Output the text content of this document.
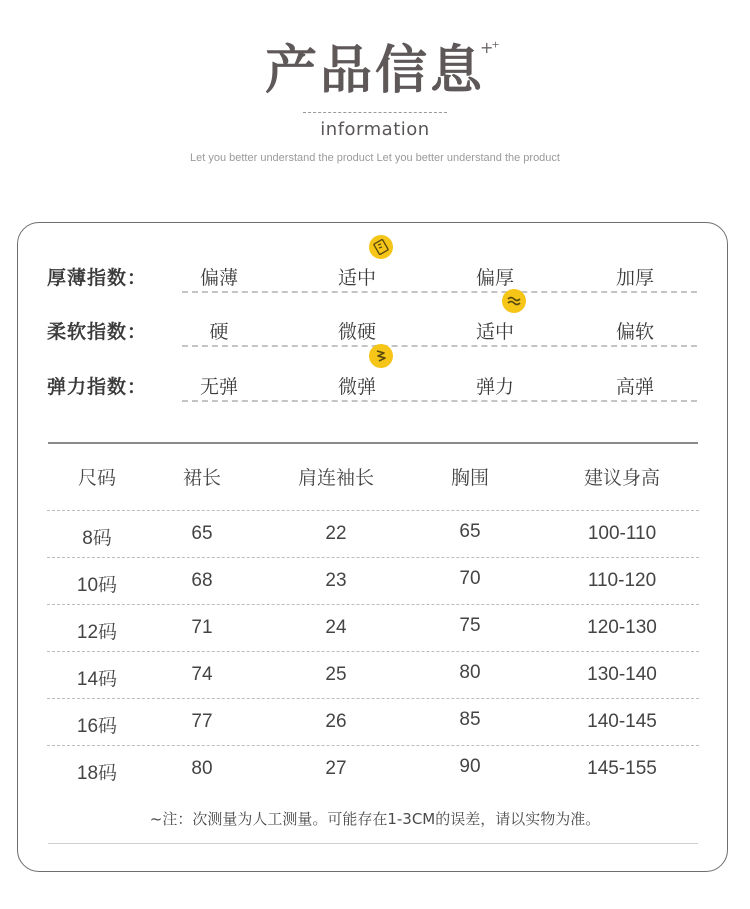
产品信息
+⁺
information
Let you better understand the product Let you better understand the product
厚薄指数：	偏薄	适中	偏厚	加厚
柔软指数：	硬	微硬	适中	偏软
弹力指数：	无弹	微弹	弹力	高弹
尺码	裙长	肩连袖长	胸围	建议身高
8码	65	22	65	100-110
10码	68	23	70	110-120
12码	71	24	75	120-130
14码	74	25	80	130-140
16码	77	26	85	140-145
18码	80	27	90	145-155
~注：次测量为人工测量。可能存在1-3CM的误差，请以实物为准。
